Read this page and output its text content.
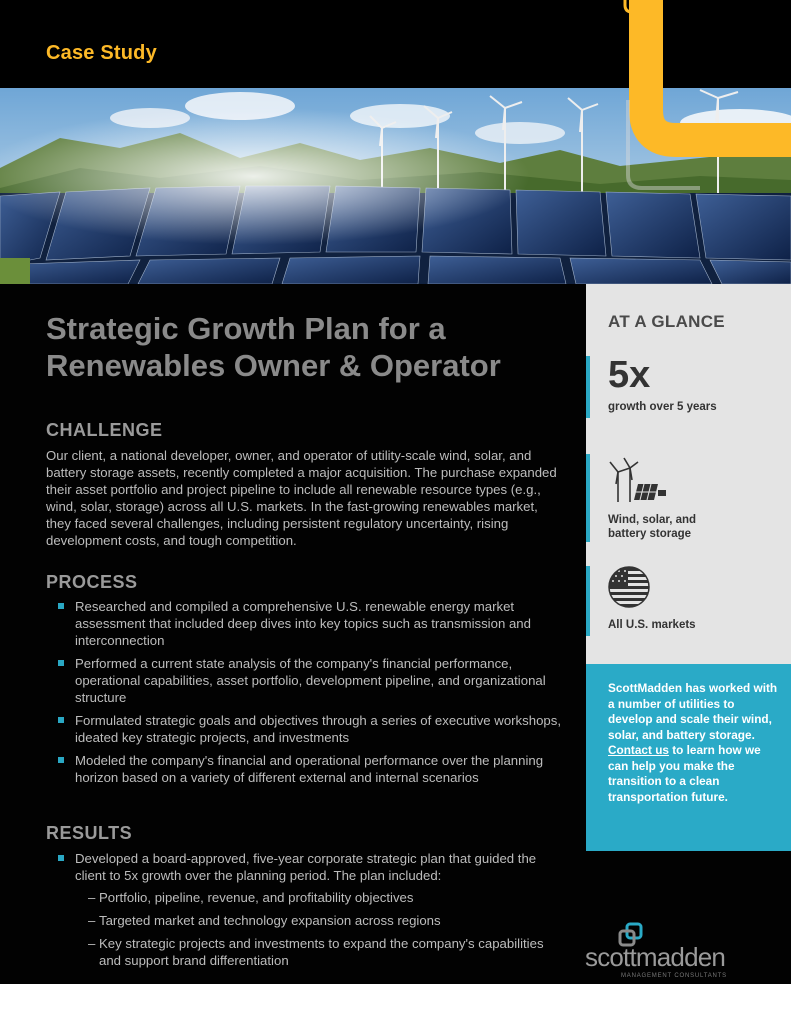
Case Study
Strategic Growth Plan for a
Renewables Owner & Operator
CHALLENGE
Our client, a national developer, owner, and operator of utility-scale wind, solar, and battery storage assets, recently completed a major acquisition. The purchase expanded their asset portfolio and project pipeline to include all renewable resource types (e.g., wind, solar, storage) across all U.S. markets. In the fast-growing renewables market, they faced several challenges, including persistent regulatory uncertainty, rising development costs, and tough competition.
PROCESS
Researched and compiled a comprehensive U.S. renewable energy market assessment that included deep dives into key topics such as transmission and interconnection
Performed a current state analysis of the company's financial performance, operational capabilities, asset portfolio, development pipeline, and organizational structure
Formulated strategic goals and objectives through a series of executive workshops, ideated key strategic projects, and investments
Modeled the company's financial and operational performance over the planning horizon based on a variety of different external and internal scenarios
RESULTS
Developed a board-approved, five-year corporate strategic plan that guided the client to 5x growth over the planning period. The plan included:
– Portfolio, pipeline, revenue, and profitability objectives
– Targeted market and technology expansion across regions
– Key strategic projects and investments to expand the company's capabilities and support brand differentiation
AT A GLANCE
5x
growth over 5 years
Wind, solar, and battery storage
All U.S. markets
ScottMadden has worked with a number of utilities to develop and scale their wind, solar, and battery storage. Contact us to learn how we can help you make the transition to a clean transportation future.
scottmadden
MANAGEMENT CONSULTANTS
